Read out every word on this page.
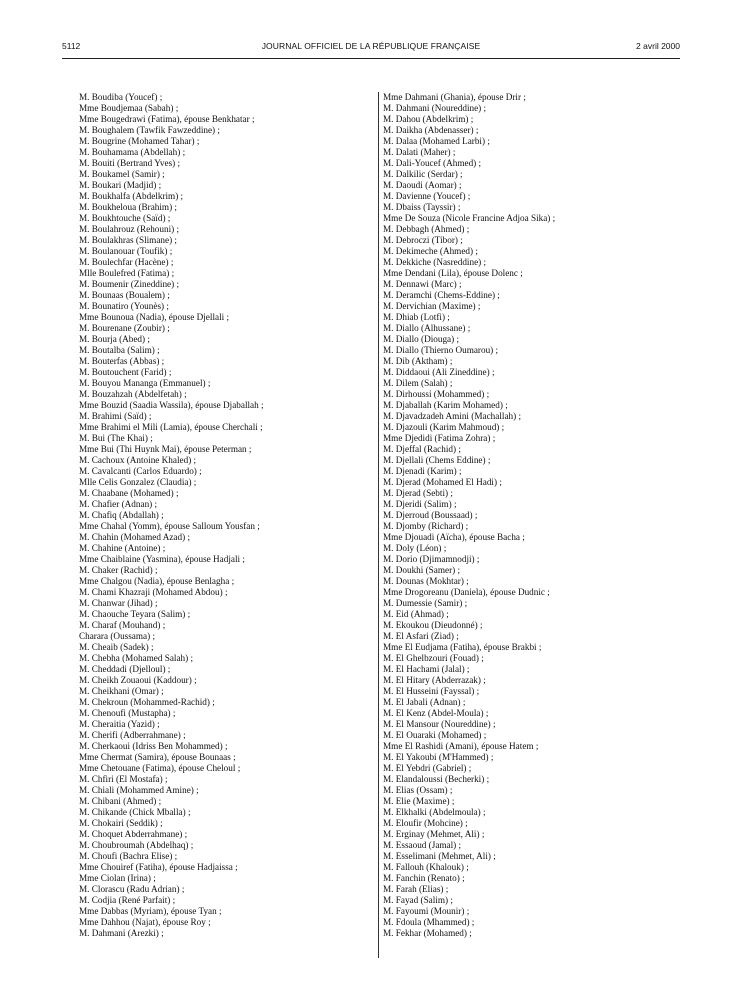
5112	JOURNAL OFFICIEL DE LA RÉPUBLIQUE FRANÇAISE	2 avril 2000
M. Boudiba (Youcef) ;
Mme Boudjemaa (Sabah) ;
Mme Bougedrawi (Fatima), épouse Benkhatar ;
M. Boughalem (Tawfik Fawzeddine) ;
M. Bougrine (Mohamed Tahar) ;
M. Bouhamama (Abdellah) ;
M. Bouiti (Bertrand Yves) ;
M. Boukamel (Samir) ;
M. Boukari (Madjid) ;
M. Boukhalfa (Abdelkrim) ;
M. Boukheloua (Brahim) ;
M. Boukhtouche (Saïd) ;
M. Boulahrouz (Rehouni) ;
M. Boulakhras (Slimane) ;
M. Boulanouar (Toufik) ;
M. Boulechfar (Hacène) ;
Mlle Boulefred (Fatima) ;
M. Boumenir (Zineddine) ;
M. Bounaas (Boualem) ;
M. Bounatiro (Younès) ;
Mme Bounoua (Nadia), épouse Djellali ;
M. Bourenane (Zoubir) ;
M. Bourja (Abed) ;
M. Boutalba (Salim) ;
M. Bouterfas (Abbas) ;
M. Boutouchent (Farid) ;
M. Bouyou Mananga (Emmanuel) ;
M. Bouzahzah (Abdelfetah) ;
Mme Bouzid (Saadia Wassila), épouse Djaballah ;
M. Brahimi (Saïd) ;
Mme Brahimi el Mili (Lamia), épouse Cherchali ;
M. Bui (The Khai) ;
Mme Bui (Thi Huynk Mai), épouse Peterman ;
M. Cachoux (Antoine Khaled) ;
M. Cavalcanti (Carlos Eduardo) ;
Mlle Celis Gonzalez (Claudia) ;
M. Chaabane (Mohamed) ;
M. Chafier (Adnan) ;
M. Chafiq (Abdallah) ;
Mme Chahal (Yomm), épouse Salloum Yousfan ;
M. Chahin (Mohamed Azad) ;
M. Chahine (Antoine) ;
Mme Chaiblaine (Yasmina), épouse Hadjali ;
M. Chaker (Rachid) ;
Mme Chalgou (Nadia), épouse Benlagha ;
M. Chami Khazraji (Mohamed Abdou) ;
M. Chanwar (Jihad) ;
M. Chaouche Teyara (Salim) ;
M. Charaf (Mouhand) ;
Charara (Oussama) ;
M. Cheaib (Sadek) ;
M. Chebha (Mohamed Salah) ;
M. Cheddadi (Djelloul) ;
M. Cheikh Zouaoui (Kaddour) ;
M. Cheikhani (Omar) ;
M. Chekroun (Mohammed-Rachid) ;
M. Chenoufi (Mustapha) ;
M. Cheraitia (Yazid) ;
M. Cherifi (Adberrahmane) ;
M. Cherkaoui (Idriss Ben Mohammed) ;
Mme Chermat (Samira), épouse Bounaas ;
Mme Chetouane (Fatima), épouse Cheloul ;
M. Chfiri (El Mostafa) ;
M. Chiali (Mohammed Amine) ;
M. Chibani (Ahmed) ;
M. Chikande (Chick Mballa) ;
M. Chokairi (Seddik) ;
M. Choquet Abderrahmane) ;
M. Choubroumah (Abdelhaq) ;
M. Choufi (Bachra Elise) ;
Mme Chouiref (Fatiha), épouse Hadjaissa ;
Mme Ciolan (Irina) ;
M. Clorascu (Radu Adrian) ;
M. Codjia (René Parfait) ;
Mme Dabbas (Myriam), épouse Tyan ;
Mme Dahhou (Najat), épouse Roy ;
M. Dahmani (Arezki) ;
Mme Dahmani (Ghania), épouse Drir ;
M. Dahmani (Noureddine) ;
M. Dahou (Abdelkrim) ;
M. Daikha (Abdenasser) ;
M. Dalaa (Mohamed Larbi) ;
M. Dalati (Maher) ;
M. Dali-Youcef (Ahmed) ;
M. Dalkilic (Serdar) ;
M. Daoudi (Aomar) ;
M. Davienne (Youcef) ;
M. Dbaiss (Tayssir) ;
Mme De Souza (Nicole Francine Adjoa Sika) ;
M. Debbagh (Ahmed) ;
M. Debroczi (Tibor) ;
M. Dekimeche (Ahmed) ;
M. Dekkiche (Nasreddine) ;
Mme Dendani (Lila), épouse Dolenc ;
M. Dennawi (Marc) ;
M. Deramchi (Chems-Eddine) ;
M. Dervichian (Maxime) ;
M. Dhiab (Lotfi) ;
M. Diallo (Alhussane) ;
M. Diallo (Diouga) ;
M. Diallo (Thierno Oumarou) ;
M. Dib (Aktham) ;
M. Diddaoui (Ali Zineddine) ;
M. Dilem (Salah) ;
M. Dirhoussi (Mohammed) ;
M. Djaballah (Karim Mohamed) ;
M. Djavadzadeh Amini (Machallah) ;
M. Djazouli (Karim Mahmoud) ;
Mme Djedidi (Fatima Zohra) ;
M. Djeffal (Rachid) ;
M. Djellali (Chems Eddine) ;
M. Djenadi (Karim) ;
M. Djerad (Mohamed El Hadi) ;
M. Djerad (Sebti) ;
M. Djeridi (Salim) ;
M. Djerroud (Boussaad) ;
M. Djomby (Richard) ;
Mme Djouadi (Aïcha), épouse Bacha ;
M. Doly (Léon) ;
M. Dorio (Djimamnodji) ;
M. Doukhi (Samer) ;
M. Dounas (Mokhtar) ;
Mme Drogoreanu (Daniela), épouse Dudnic ;
M. Dumessie (Samir) ;
M. Eid (Ahmad) ;
M. Ekoukou (Dieudonné) ;
M. El Asfari (Ziad) ;
Mme El Eudjama (Fatiha), épouse Brakbi ;
M. El Ghelbzouri (Fouad) ;
M. El Hachami (Jalal) ;
M. El Hitary (Abderrazak) ;
M. El Husseini (Fayssal) ;
M. El Jabali (Adnan) ;
M. El Kenz (Abdel-Moula) ;
M. El Mansour (Noureddine) ;
M. El Ouaraki (Mohamed) ;
Mme El Rashidi (Amani), épouse Hatem ;
M. El Yakoubi (M'Hammed) ;
M. El Yebdri (Gabriel) ;
M. Elandaloussi (Becherki) ;
M. Elias (Ossam) ;
M. Elie (Maxime) ;
M. Elkhalki (Abdelmoula) ;
M. Eloufir (Mohcine) ;
M. Erginay (Mehmet, Ali) ;
M. Essaoud (Jamal) ;
M. Esselimani (Mehmet, Ali) ;
M. Fallouh (Khalouk) ;
M. Fanchin (Renato) ;
M. Farah (Elias) ;
M. Fayad (Salim) ;
M. Fayoumi (Mounir) ;
M. Fdoula (Mhammed) ;
M. Fekhar (Mohamed) ;
